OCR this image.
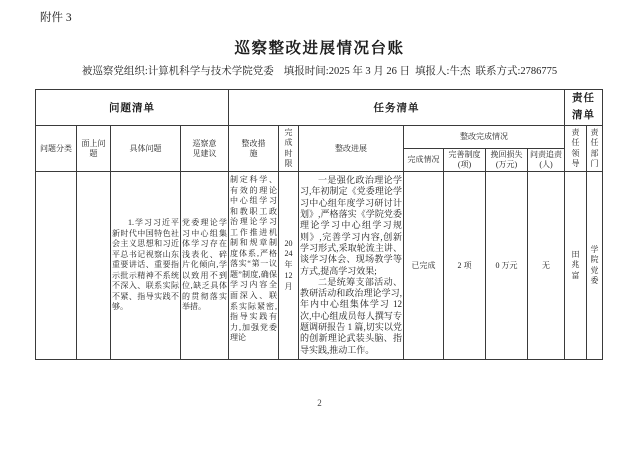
附件 3
巡察整改进展情况台账
被巡察党组织:计算机科学与技术学院党委 填报时间:2025 年 3 月 26 日 填报人:牛杰 联系方式:2786775
问题清单				任务清单							责任清单	

问题分类	面上问题	具体问题	巡察意见建议	整改措施	完成时限	整改进展	整改完成情况				责任领导	责任部门

							完成情况	完善制度(项)	挽回损失(万元)	问责追责(人)		

		1.学习习近平新时代中国特色社会主义思想和习近平总书记视察山东重要讲话、重要指示批示精神不系统不深入、联系实际不紧、指导实践不够。	党委理论学习中心组集体学习存在浅表化、碎片化倾向,学以致用不到位,缺乏具体的贯彻落实举措。	制定科学、有效的理论中心组学习和教职工政治理论学习工作推进机制和规章制度体系,严格落实“第一议题”制度,确保学习内容全面深入、联系实际紧密,指导实践有力,加强党委理论	2024年12月	一是强化政治理论学习,年初制定《党委理论学习中心组年度学习研讨计划》,严格落实《学院党委理论学习中心组学习规则》,完善学习内容,创新学习形式,采取轮流主讲、谈学习体会、现场教学等方式,提高学习效果;

二是统筹支部活动、教研活动和政治理论学习,年内中心组集体学习 12 次,中心组成员每人撰写专题调研报告 1 篇,切实以党的创新理论武装头脑、指导实践,推动工作。	已完成	2 项	0 万元	无	田兆富	学院党委
2
